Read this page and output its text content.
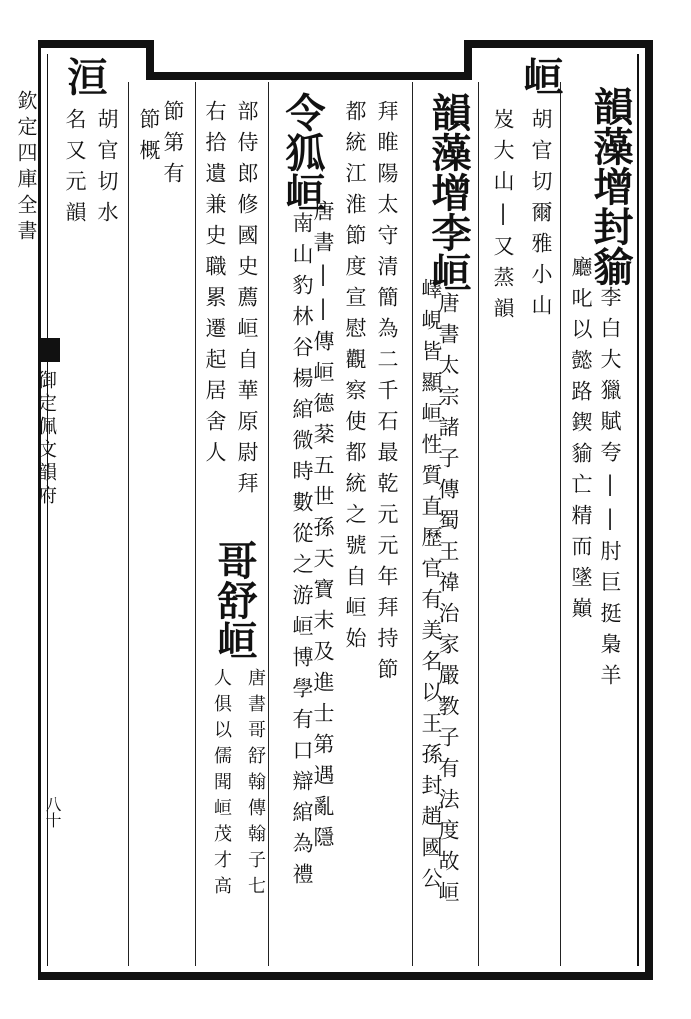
欽定四庫全書
御定佩文韻府
八十
韻藻增封貐李白大獵賦夸||肘巨挺梟羊
廳叱以懿路鍥貐亡精而墜巔
峘
胡官切爾雅小山
岌大山|又蒸韻
韻藻增李峘唐書太宗諸子傳蜀王禕治家嚴教子有法度故峘
嶧峴皆顯峘性質直歷官有美名以王孫封趙國公
拜睢陽太守清簡為二千石最乾元元年拜持節
都統江淮節度宣慰觀察使都統之號自峘始
令狐峘南山豹林谷楊綰微時數從之游峘博學有口辯綰為禮
唐書||傳峘德棻五世孫天寶末及進士第遇亂隱
部侍郎修國史薦峘自華原尉拜
右拾遺兼史職累遷起居舍人
哥舒峘
唐書哥舒翰傳翰子七
人俱以儒聞峘茂才高
節第有
節概
洹
胡官切水
名又元韻
